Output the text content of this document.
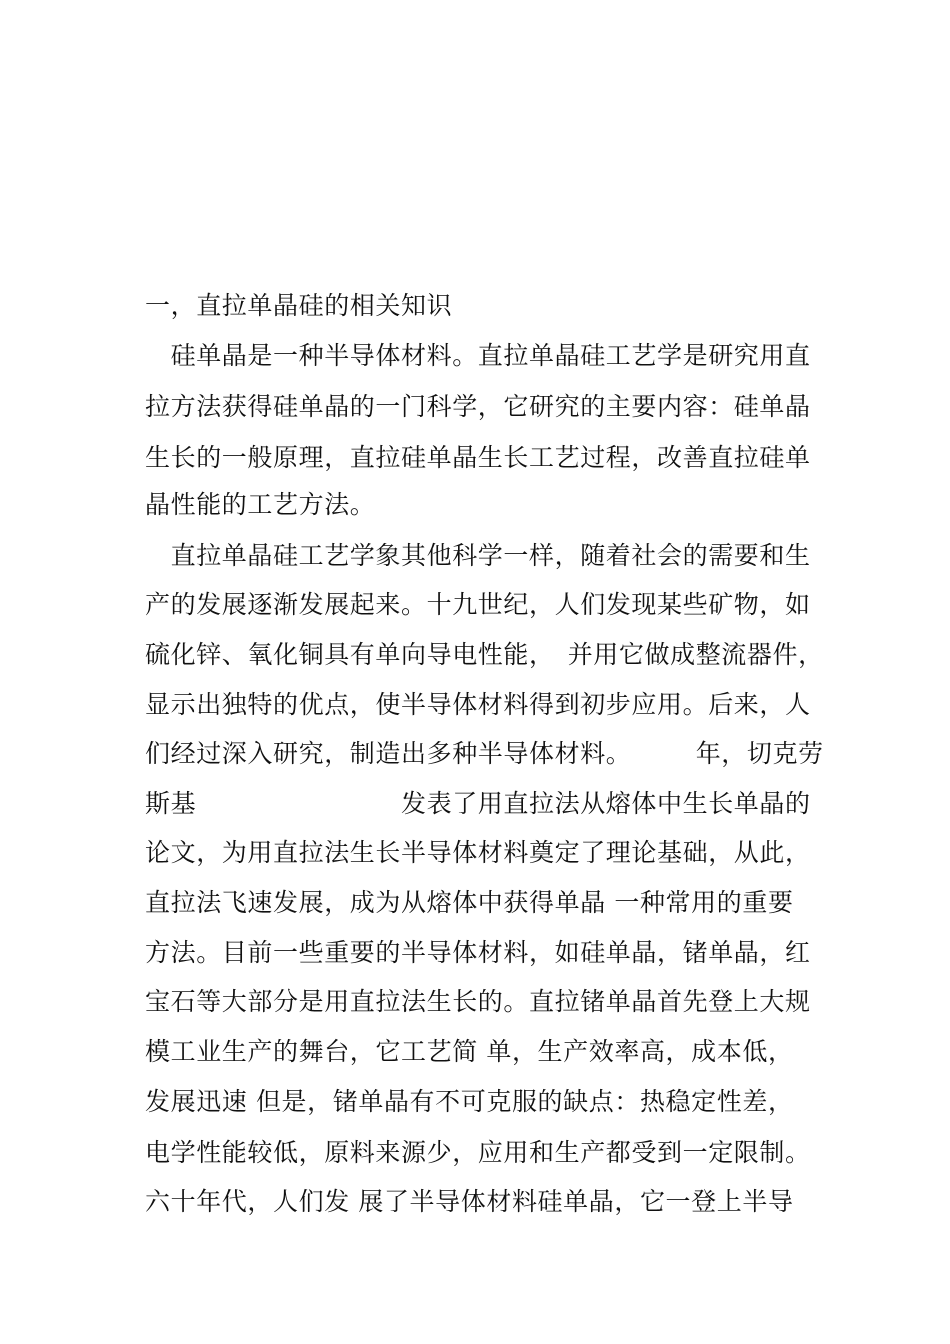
一，直拉单晶硅的相关知识
　硅单晶是一种半导体材料。直拉单晶硅工艺学是研究用直
拉方法获得硅单晶的一门科学，它研究的主要内容：硅单晶
生长的一般原理，直拉硅单晶生长工艺过程，改善直拉硅单
晶性能的工艺方法。
　直拉单晶硅工艺学象其他科学一样，随着社会的需要和生
产的发展逐渐发展起来。十九世纪，人们发现某些矿物，如
硫化锌、氧化铜具有单向导电性能，　并用它做成整流器件，
显示出独特的优点，使半导体材料得到初步应用。后来，人
们经过深入研究，制造出多种半导体材料。　　　年，切克劳
斯基　　　　　　　　发表了用直拉法从熔体中生长单晶的
论文，为用直拉法生长半导体材料奠定了理论基础，从此，
直拉法飞速发展，成为从熔体中获得单晶 一种常用的重要
方法。目前一些重要的半导体材料，如硅单晶，锗单晶，红
宝石等大部分是用直拉法生长的。直拉锗单晶首先登上大规
模工业生产的舞台，它工艺简 单，生产效率高，成本低，
发展迅速 但是，锗单晶有不可克服的缺点：热稳定性差，
电学性能较低，原料来源少，应用和生产都受到一定限制。
六十年代，人们发 展了半导体材料硅单晶，它一登上半导
